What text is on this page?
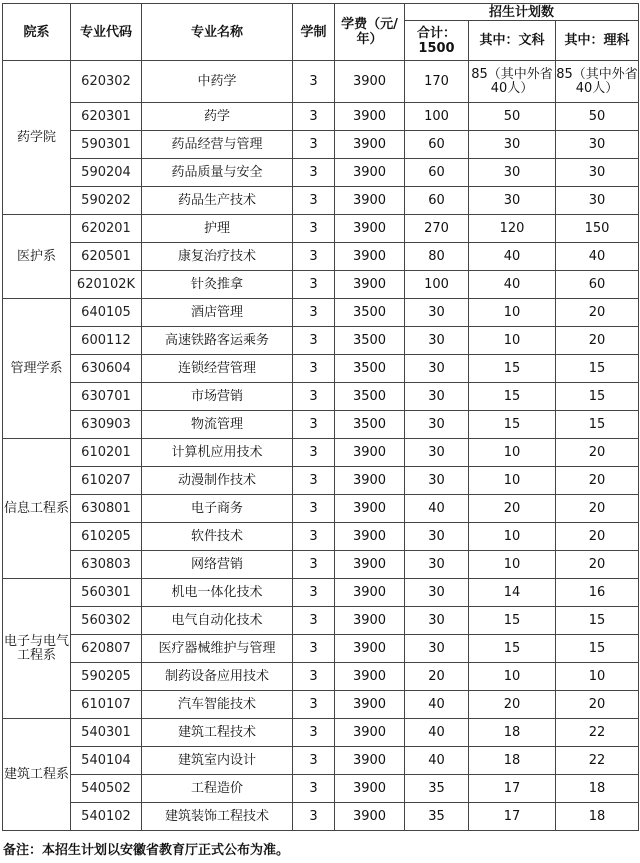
院系	专业代码	专业名称	学制	学费（元/年）	招生计划数		
					合计：1500	其中：文科	其中：理科
药学院	620302	中药学	3	3900	170	85（其中外省40人）	85（其中外省40人）
	620301	药学	3	3900	100	50	50
	590301	药品经营与管理	3	3900	60	30	30
	590204	药品质量与安全	3	3900	60	30	30
	590202	药品生产技术	3	3900	60	30	30
医护系	620201	护理	3	3900	270	120	150
	620501	康复治疗技术	3	3900	80	40	40
	620102K	针灸推拿	3	3900	100	40	60
管理学系	640105	酒店管理	3	3500	30	10	20
	600112	高速铁路客运乘务	3	3500	30	10	20
	630604	连锁经营管理	3	3500	30	15	15
	630701	市场营销	3	3500	30	15	15
	630903	物流管理	3	3500	30	15	15
信息工程系	610201	计算机应用技术	3	3900	30	10	20
	610207	动漫制作技术	3	3900	30	10	20
	630801	电子商务	3	3900	40	20	20
	610205	软件技术	3	3900	30	10	20
	630803	网络营销	3	3900	30	10	20
电子与电气工程系	560301	机电一体化技术	3	3900	30	14	16
	560302	电气自动化技术	3	3900	30	15	15
	620807	医疗器械维护与管理	3	3900	30	15	15
	590205	制药设备应用技术	3	3900	20	10	10
	610107	汽车智能技术	3	3900	40	20	20
建筑工程系	540301	建筑工程技术	3	3900	40	18	22
	540104	建筑室内设计	3	3900	40	18	22
	540502	工程造价	3	3900	35	17	18
	540102	建筑装饰工程技术	3	3900	35	17	18
备注：本招生计划以安徽省教育厅正式公布为准。
